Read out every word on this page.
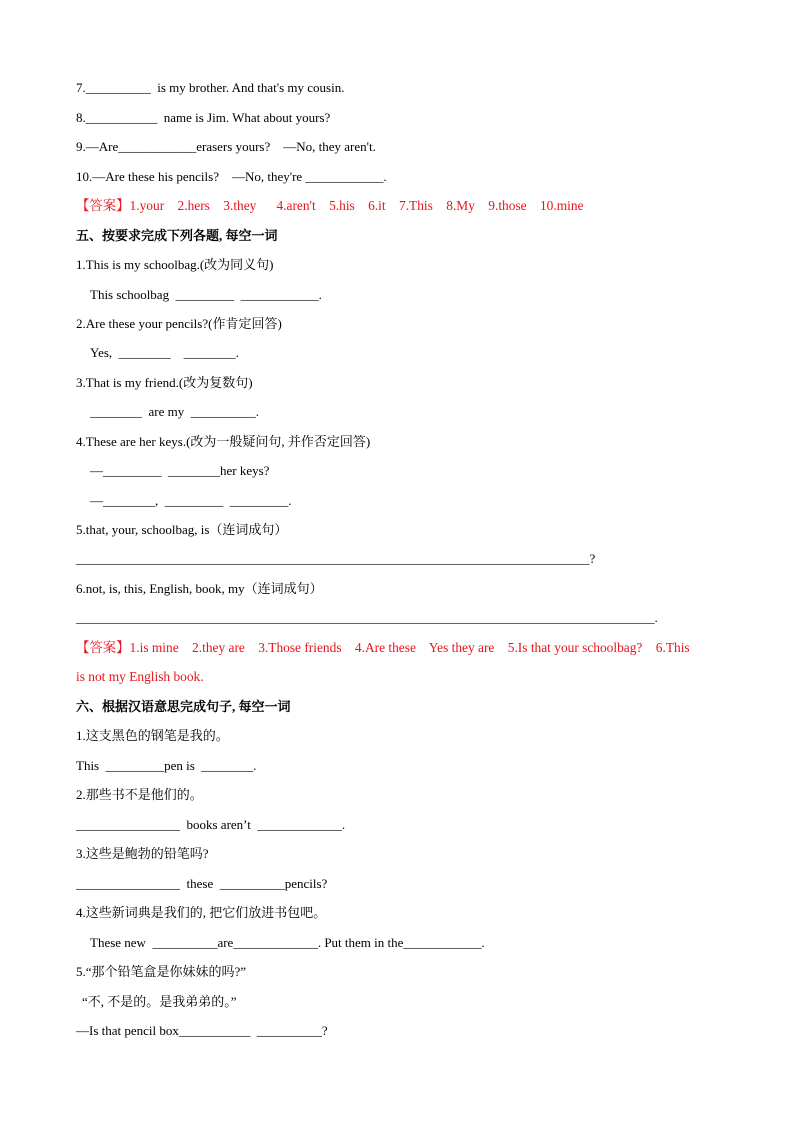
7.__________  is my brother. And that's my cousin.
8.___________  name is Jim. What about yours?
9.—Are____________erasers yours?    —No, they aren't.
10.—Are these his pencils?    —No, they're ____________.
【答案】1.your    2.hers    3.they      4.aren't    5.his    6.it    7.This    8.My    9.those    10.mine
五、按要求完成下列各题, 每空一词
1.This is my schoolbag.(改为同义句)
This schoolbag  _________  ____________.
2.Are these your pencils?(作肯定回答)
Yes,  ________    ________.
3.That is my friend.(改为复数句)
________  are my  __________.
4.These are her keys.(改为一般疑问句, 并作否定回答)
—_________  ________her keys?
—________,  _________  _________.
5.that, your, schoolbag, is（连词成句）
_______________________________________________________________________________?
6.not, is, this, English, book, my（连词成句）
_________________________________________________________________________________________.
【答案】1.is mine    2.they are    3.Those friends    4.Are these    Yes they are    5.Is that your schoolbag?    6.This
is not my English book.
六、根据汉语意思完成句子, 每空一词
1.这支黑色的钢笔是我的。
This  _________pen is  ________.
2.那些书不是他们的。
________________  books aren’t  _____________.
3.这些是鲍勃的铅笔吗?
________________  these  __________pencils?
4.这些新词典是我们的, 把它们放进书包吧。
These new  __________are_____________. Put them in the____________.
5.“那个铅笔盒是你妹妹的吗?”
“不, 不是的。是我弟弟的。”
—Is that pencil box___________  __________?
